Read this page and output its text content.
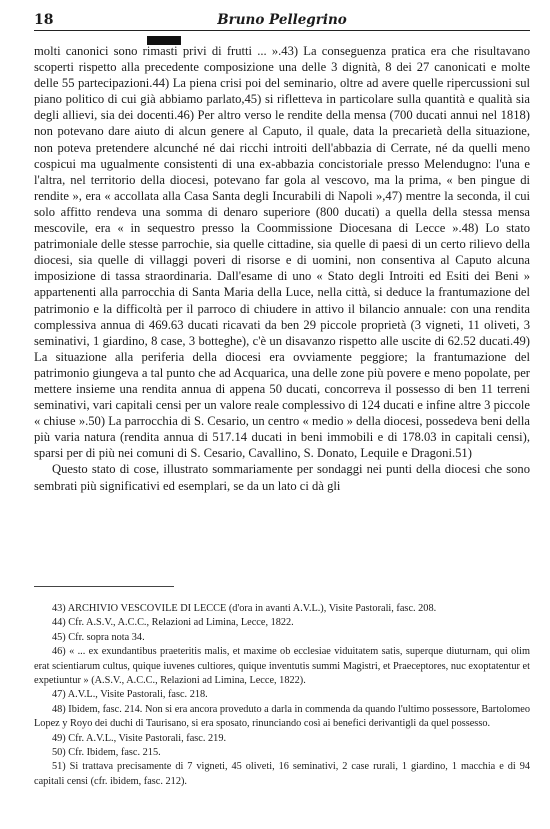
18	Bruno Pellegrino

molti canonici sono rimasti privi di frutti ... ».43) La conseguenza pratica era che risultavano scoperti rispetto alla precedente composizione una delle 3 dignità, 8 dei 27 canonicati e molte delle 55 partecipazioni.44) La piena crisi poi del seminario, oltre ad avere quelle ripercussioni sul piano politico di cui già abbiamo parlato,45) si rifletteva in particolare sulla quantità e qualità sia degli allievi, sia dei docenti.46) Per altro verso le rendite della mensa (700 ducati annui nel 1818) non potevano dare aiuto di alcun genere al Caputo, il quale, data la precarietà della situazione, non poteva pretendere alcunché né dai ricchi introiti dell'abbazia di Cerrate, né da quelli meno cospicui ma ugualmente consistenti di una ex-abbazia concistoriale presso Melendugno: l'una e l'altra, nel territorio della diocesi, potevano far gola al vescovo, ma la prima, « ben pingue di rendite », era « accollata alla Casa Santa degli Incurabili di Napoli »,47) mentre la seconda, il cui solo affitto rendeva una somma di denaro superiore (800 ducati) a quella della stessa mensa mescovile, era « in sequestro presso la Coommissione Diocesana di Lecce ».48) Lo stato patrimoniale delle stesse parrochie, sia quelle cittadine, sia quelle di paesi di un certo rilievo della diocesi, sia quelle di villaggi poveri di risorse e di uomini, non consentiva al Caputo alcuna imposizione di tassa straordinaria. Dall'esame di uno « Stato degli Introiti ed Esiti dei Beni » appartenenti alla parrocchia di Santa Maria della Luce, nella città, si deduce la frantumazione del patrimonio e la difficoltà per il parroco di chiudere in attivo il bilancio annuale: con una rendita complessiva annua di 469.63 ducati ricavati da ben 29 piccole proprietà (3 vigneti, 11 oliveti, 3 seminativi, 1 giardino, 8 case, 3 botteghe), c'è un disavanzo rispetto alle uscite di 62.52 ducati.49) La situazione alla periferia della diocesi era ovviamente peggiore; la frantumazione del patrimonio giungeva a tal punto che ad Acquarica, una delle zone più povere e meno popolate, per mettere insieme una rendita annua di appena 50 ducati, concorreva il possesso di ben 11 terreni seminativi, vari capitali censi per un valore reale complessivo di 124 ducati e infine altre 3 piccole « chiuse ».50) La parrocchia di S. Cesario, un centro « medio » della diocesi, possedeva beni della più varia natura (rendita annua di 517.14 ducati in beni immobili e di 178.03 in capitali censi), sparsi per di più nei comuni di S. Cesario, Cavallino, S. Donato, Lequile e Dragoni.51)

Questo stato di cose, illustrato sommariamente per sondaggi nei punti della diocesi che sono sembrati più significativi ed esemplari, se da un lato ci dà gli

43) ARCHIVIO VESCOVILE DI LECCE (d'ora in avanti A.V.L.), Visite Pastorali, fasc. 208.

44) Cfr. A.S.V., A.C.C., Relazioni ad Limina, Lecce, 1822.

45) Cfr. sopra nota 34.

46) « ... ex exundantibus praeteritis malis, et maxime ob ecclesiae viduitatem satis, superque diuturnam, qui olim erat scientiarum cultus, quique iuvenes cultiores, quique inventutis summi Magistri, et Praeceptores, nuc exoptatentur et expetiuntur » (A.S.V., A.C.C., Relazioni ad Limina, Lecce, 1822).

47) A.V.L., Visite Pastorali, fasc. 218.

48) Ibidem, fasc. 214. Non si era ancora proveduto a darla in commenda da quando l'ultimo possessore, Bartolomeo Lopez y Royo dei duchi di Taurisano, si era sposato, rinunciando così ai benefici derivantigli da quel possesso.

49) Cfr. A.V.L., Visite Pastorali, fasc. 219.

50) Cfr. Ibidem, fasc. 215.

51) Si trattava precisamente di 7 vigneti, 45 oliveti, 16 seminativi, 2 case rurali, 1 giardino, 1 macchia e di 94 capitali censi (cfr. ibidem, fasc. 212).
